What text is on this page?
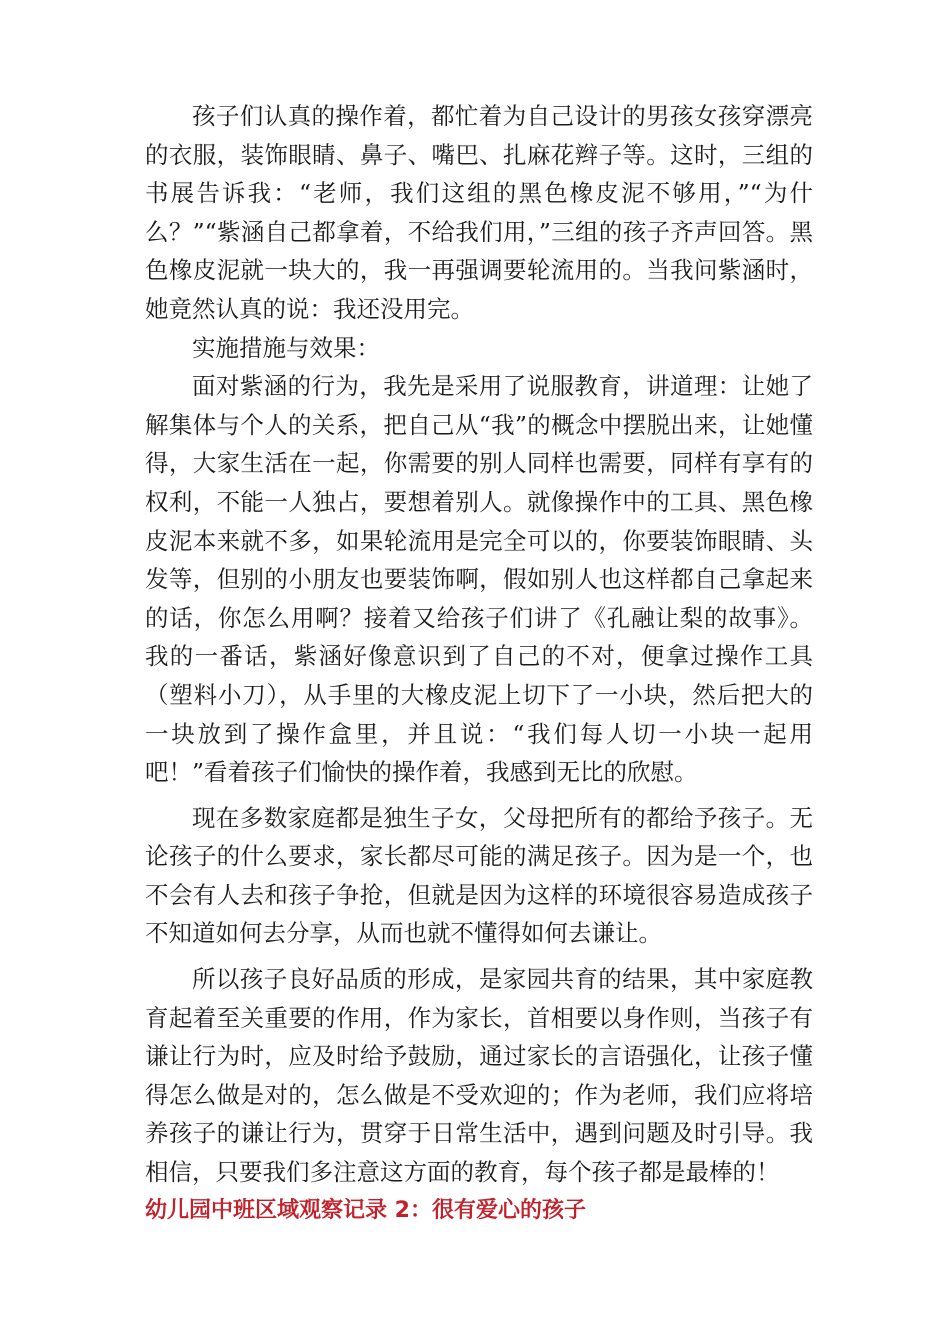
孩子们认真的操作着，都忙着为自己设计的男孩女孩穿漂亮的衣服，装饰眼睛、鼻子、嘴巴、扎麻花辫子等。这时，三组的书展告诉我：“老师，我们这组的黑色橡皮泥不够用，”“为什么？”“紫涵自己都拿着，不给我们用，”三组的孩子齐声回答。黑色橡皮泥就一块大的，我一再强调要轮流用的。当我问紫涵时，她竟然认真的说：我还没用完。

实施措施与效果：

面对紫涵的行为，我先是采用了说服教育，讲道理：让她了解集体与个人的关系，把自己从“我”的概念中摆脱出来，让她懂得，大家生活在一起，你需要的别人同样也需要，同样有享有的权利，不能一人独占，要想着别人。就像操作中的工具、黑色橡皮泥本来就不多，如果轮流用是完全可以的，你要装饰眼睛、头发等，但别的小朋友也要装饰啊，假如别人也这样都自己拿起来的话，你怎么用啊？接着又给孩子们讲了《孔融让梨的故事》。我的一番话，紫涵好像意识到了自己的不对，便拿过操作工具（塑料小刀），从手里的大橡皮泥上切下了一小块，然后把大的一块放到了操作盒里，并且说：“我们每人切一小块一起用吧！”看着孩子们愉快的操作着，我感到无比的欣慰。

现在多数家庭都是独生子女，父母把所有的都给予孩子。无论孩子的什么要求，家长都尽可能的满足孩子。因为是一个，也不会有人去和孩子争抢，但就是因为这样的环境很容易造成孩子不知道如何去分享，从而也就不懂得如何去谦让。

所以孩子良好品质的形成，是家园共育的结果，其中家庭教育起着至关重要的作用，作为家长，首相要以身作则，当孩子有谦让行为时，应及时给予鼓励，通过家长的言语强化，让孩子懂得怎么做是对的，怎么做是不受欢迎的；作为老师，我们应将培养孩子的谦让行为，贯穿于日常生活中，遇到问题及时引导。我相信，只要我们多注意这方面的教育，每个孩子都是最棒的！

幼儿园中班区域观察记录 2：很有爱心的孩子
